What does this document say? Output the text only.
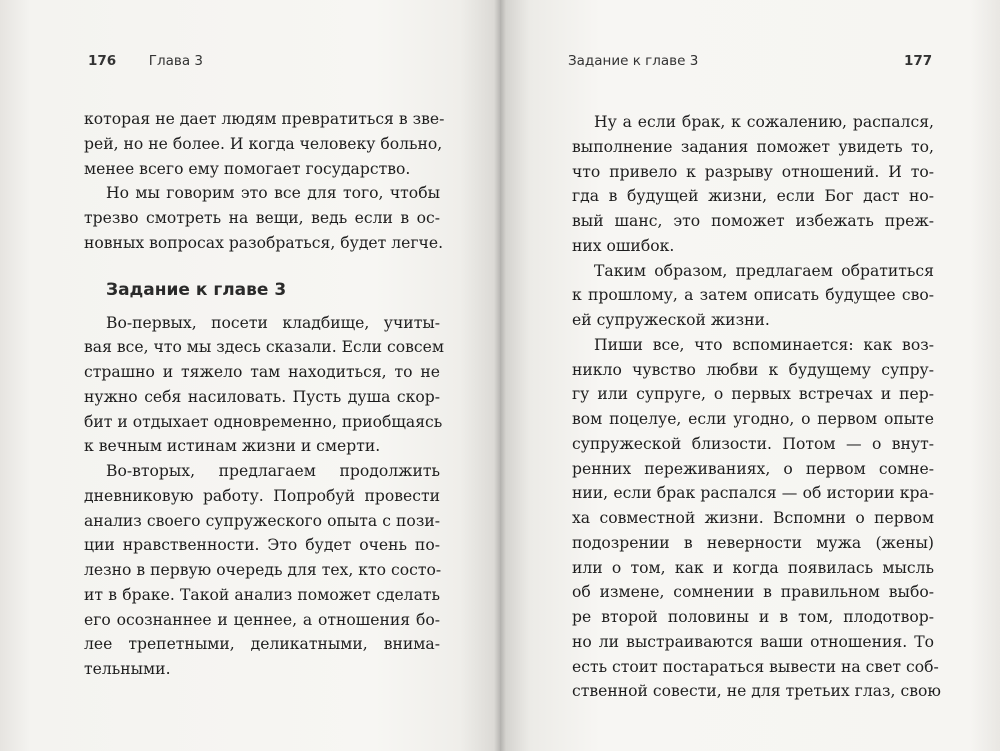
176 Глава 3
которая не дает людям превратиться в зве-
рей, но не более. И когда человеку больно,
менее всего ему помогает государство.
Но мы говорим это все для того, чтобы
трезво смотреть на вещи, ведь если в ос-
новных вопросах разобраться, будет легче.
Задание к главе 3
Во-первых, посети кладбище, учиты-
вая все, что мы здесь сказали. Если совсем
страшно и тяжело там находиться, то не
нужно себя насиловать. Пусть душа скор-
бит и отдыхает одновременно, приобщаясь
к вечным истинам жизни и смерти.
Во-вторых, предлагаем продолжить
дневниковую работу. Попробуй провести
анализ своего супружеского опыта с пози-
ции нравственности. Это будет очень по-
лезно в первую очередь для тех, кто состо-
ит в браке. Такой анализ поможет сделать
его осознаннее и ценнее, а отношения бо-
лее трепетными, деликатными, внима-
тельными.
Задание к главе 3	177
Ну а если брак, к сожалению, распался,
выполнение задания поможет увидеть то,
что привело к разрыву отношений. И то-
гда в будущей жизни, если Бог даст но-
вый шанс, это поможет избежать преж-
них ошибок.
Таким образом, предлагаем обратиться
к прошлому, а затем описать будущее сво-
ей супружеской жизни.
Пиши все, что вспоминается: как воз-
никло чувство любви к будущему супру-
гу или супруге, о первых встречах и пер-
вом поцелуе, если угодно, о первом опыте
супружеской близости. Потом — о внут-
ренних переживаниях, о первом сомне-
нии, если брак распался — об истории кра-
ха совместной жизни. Вспомни о первом
подозрении в неверности мужа (жены)
или о том, как и когда появилась мысль
об измене, сомнении в правильном выбо-
ре второй половины и в том, плодотвор-
но ли выстраиваются ваши отношения. То
есть стоит постараться вывести на свет соб-
ственной совести, не для третьих глаз, свою
